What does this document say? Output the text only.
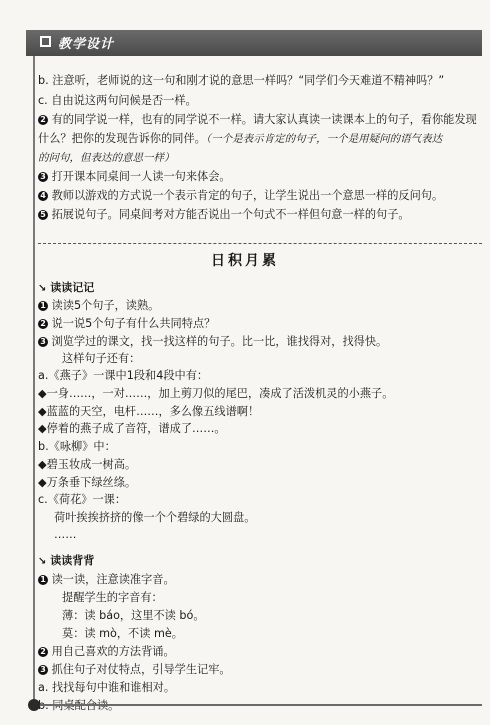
教学设计
b. 注意听，老师说的这一句和刚才说的意思一样吗？“同学们今天难道不精神吗？”
c. 自由说这两句问候是否一样。
2 有的同学说一样，也有的同学说不一样。请大家认真读一读课本上的句子，看你能发现
什么？把你的发现告诉你的同伴。（一个是表示肯定的句子，一个是用疑问的语气表达
的问句，但表达的意思一样）
3 打开课本同桌间一人读一句来体会。
4 教师以游戏的方式说一个表示肯定的句子，让学生说出一个意思一样的反问句。
5 拓展说句子。同桌间考对方能否说出一个句式不一样但句意一样的句子。
日积月累
↘ 读读记记
1 读读5个句子，读熟。
2 说一说5个句子有什么共同特点？
3 浏览学过的课文，找一找这样的句子。比一比，谁找得对，找得快。
这样句子还有：
a.《燕子》一课中1段和4段中有：
◆一身……，一对……，加上剪刀似的尾巴，凑成了活泼机灵的小燕子。
◆蓝蓝的天空，电杆……，多么像五线谱啊！
◆停着的燕子成了音符，谱成了……。
b.《咏柳》中：
◆碧玉妆成一树高。
◆万条垂下绿丝绦。
c.《荷花》一课：
荷叶挨挨挤挤的像一个个碧绿的大圆盘。
……
↘ 读读背背
1 读一读，注意读准字音。
提醒学生的字音有：
薄：读 báo，这里不读 bó。
莫：读 mò，不读 mè。
2 用自己喜欢的方法背诵。
3 抓住句子对仗特点，引导学生记牢。
a. 找找每句中谁和谁相对。
